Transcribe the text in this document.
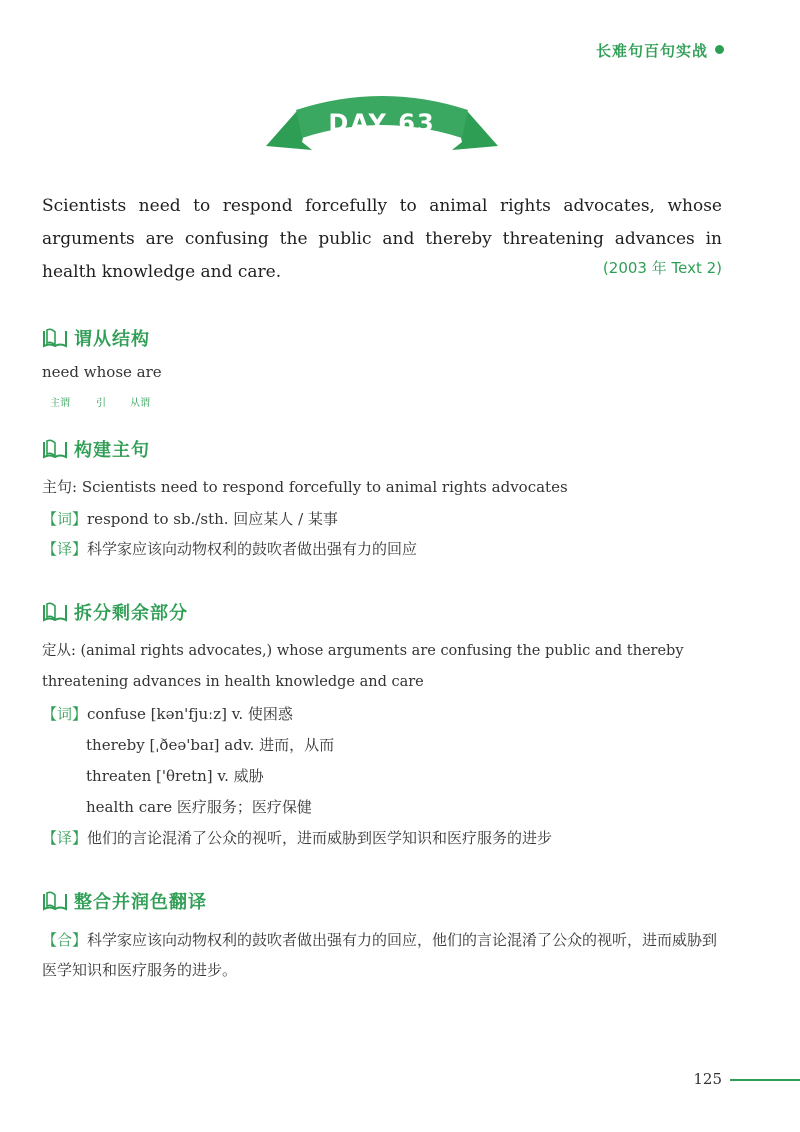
长难句百句实战
DAY 63
Scientists need to respond forcefully to animal rights advocates, whose arguments are confusing the public and thereby threatening advances in health knowledge and care.	(2003 年 Text 2)
谓从结构
need whose are
主谓	引 从谓
构建主句
主句: Scientists need to respond forcefully to animal rights advocates
【词】respond to sb./sth. 回应某人 / 某事
【译】科学家应该向动物权利的鼓吹者做出强有力的回应
拆分剩余部分
定从: (animal rights advocates,) whose arguments are confusing the public and thereby threatening advances in health knowledge and care
【词】confuse [kən'fjuːz] v. 使困惑
thereby [ˌðeə'baɪ] adv. 进而，从而
threaten ['θretn] v. 威胁
health care 医疗服务；医疗保健
【译】他们的言论混淆了公众的视听，进而威胁到医学知识和医疗服务的进步
整合并润色翻译
【合】科学家应该向动物权利的鼓吹者做出强有力的回应，他们的言论混淆了公众的视听，进而威胁到医学知识和医疗服务的进步。
125
